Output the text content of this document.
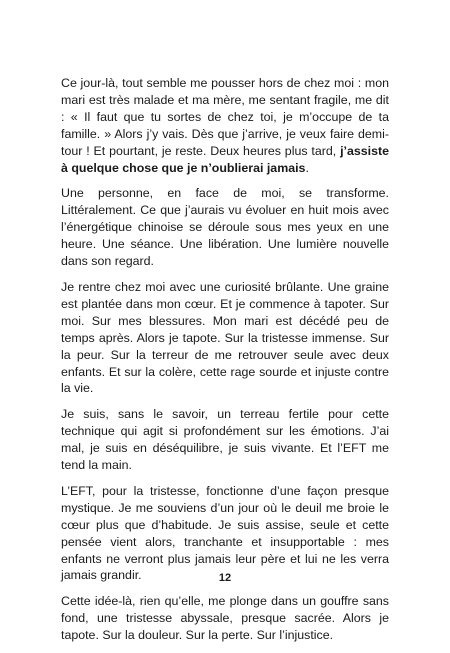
Ce jour-là, tout semble me pousser hors de chez moi : mon mari est très malade et ma mère, me sentant fragile, me dit : « Il faut que tu sortes de chez toi, je m’occupe de ta famille. » Alors j’y vais. Dès que j’arrive, je veux faire demi-tour ! Et pourtant, je reste. Deux heures plus tard, j’assiste à quelque chose que je n’oublierai jamais.

Une personne, en face de moi, se transforme. Littéralement. Ce que j’aurais vu évoluer en huit mois avec l’énergétique chinoise se déroule sous mes yeux en une heure. Une séance. Une libération. Une lumière nouvelle dans son regard.

Je rentre chez moi avec une curiosité brûlante. Une graine est plantée dans mon cœur. Et je commence à tapoter. Sur moi. Sur mes blessures. Mon mari est décédé peu de temps après. Alors je tapote. Sur la tristesse immense. Sur la peur. Sur la terreur de me retrouver seule avec deux enfants. Et sur la colère, cette rage sourde et injuste contre la vie.

Je suis, sans le savoir, un terreau fertile pour cette technique qui agit si profondément sur les émotions. J’ai mal, je suis en déséquilibre, je suis vivante. Et l’EFT me tend la main.

L’EFT, pour la tristesse, fonctionne d’une façon presque mystique. Je me souviens d’un jour où le deuil me broie le cœur plus que d’habitude. Je suis assise, seule et cette pensée vient alors, tranchante et insupportable : mes enfants ne verront plus jamais leur père et lui ne les verra jamais grandir.

Cette idée-là, rien qu’elle, me plonge dans un gouffre sans fond, une tristesse abyssale, presque sacrée. Alors je tapote. Sur la douleur. Sur la perte. Sur l’injustice.

12
